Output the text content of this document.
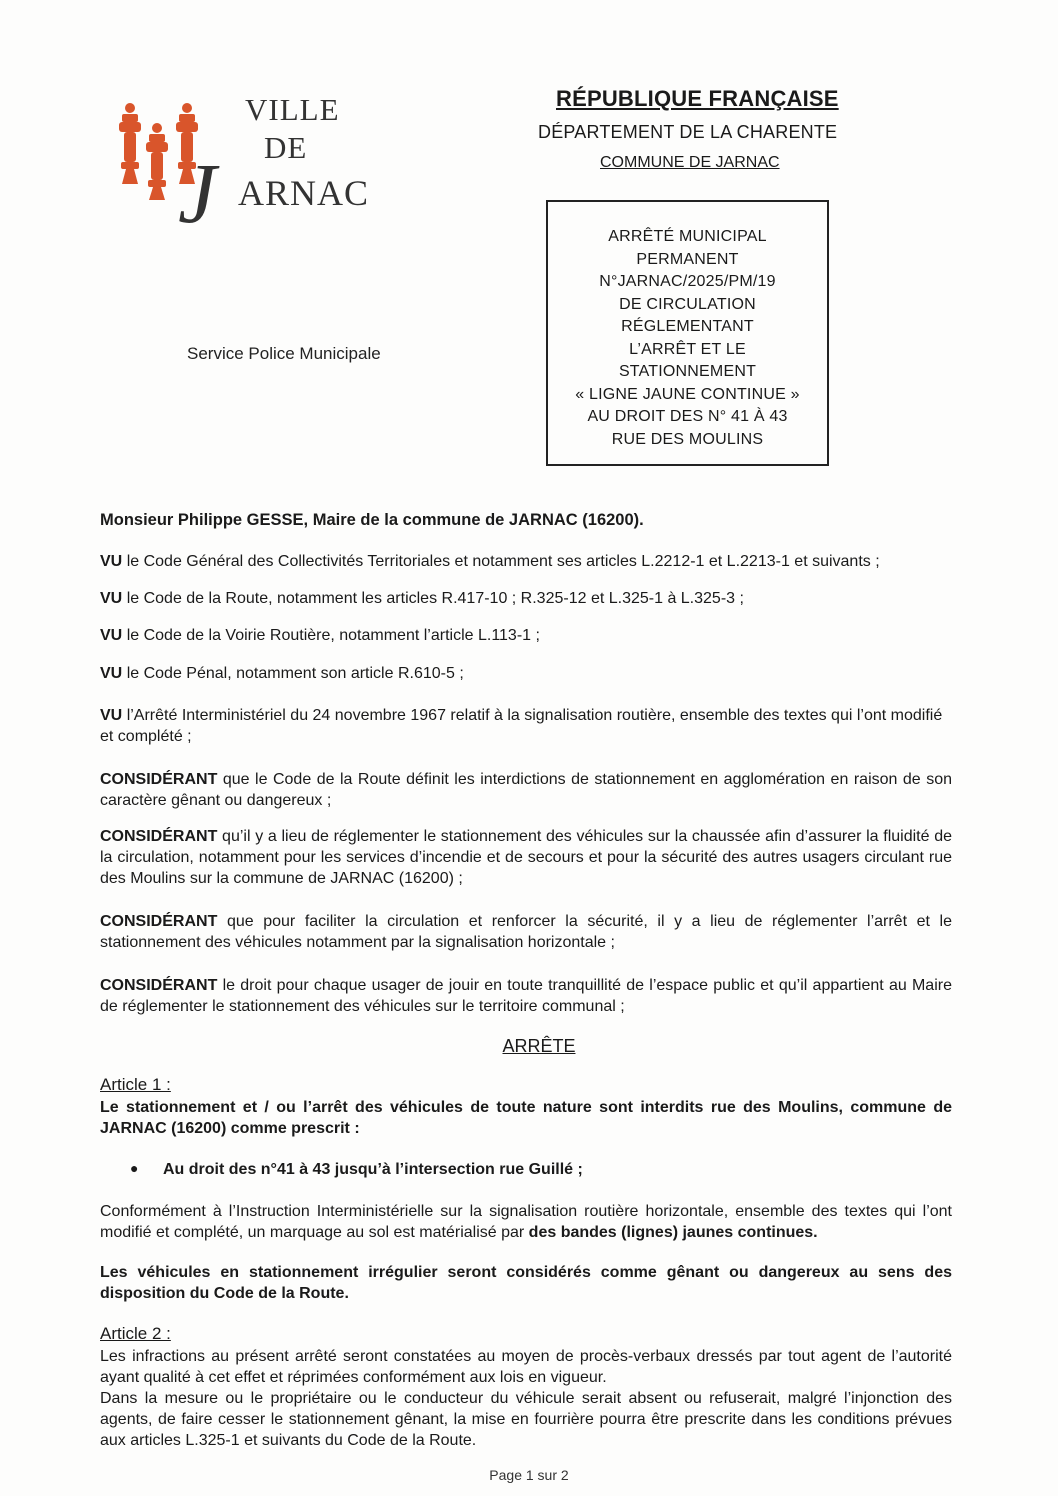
VILLE
DE
J ARNAC
Service Police Municipale
RÉPUBLIQUE FRANÇAISE
DÉPARTEMENT DE LA CHARENTE
COMMUNE DE JARNAC
ARRÊTÉ MUNICIPAL
PERMANENT
N°JARNAC/2025/PM/19
DE CIRCULATION
RÉGLEMENTANT
L’ARRÊT ET LE
STATIONNEMENT
« LIGNE JAUNE CONTINUE »
AU DROIT DES N° 41 À 43
RUE DES MOULINS
Monsieur Philippe GESSE, Maire de la commune de JARNAC (16200).
VU le Code Général des Collectivités Territoriales et notamment ses articles L.2212-1 et L.2213-1 et suivants ;
VU le Code de la Route, notamment les articles R.417-10 ; R.325-12 et L.325-1 à L.325-3 ;
VU le Code de la Voirie Routière, notamment l’article L.113-1 ;
VU le Code Pénal, notamment son article R.610-5 ;
VU l’Arrêté Interministériel du 24 novembre 1967 relatif à la signalisation routière, ensemble des textes qui l’ont modifié et complété ;
CONSIDÉRANT que le Code de la Route définit les interdictions de stationnement en agglomération en raison de son caractère gênant ou dangereux ;
CONSIDÉRANT qu’il y a lieu de réglementer le stationnement des véhicules sur la chaussée afin d’assurer la fluidité de la circulation, notamment pour les services d’incendie et de secours et pour la sécurité des autres usagers circulant rue des Moulins sur la commune de JARNAC (16200) ;
CONSIDÉRANT que pour faciliter la circulation et renforcer la sécurité, il y a lieu de réglementer l’arrêt et le stationnement des véhicules notamment par la signalisation horizontale ;
CONSIDÉRANT le droit pour chaque usager de jouir en toute tranquillité de l’espace public et qu’il appartient au Maire de réglementer le stationnement des véhicules sur le territoire communal ;
ARRÊTE
Article 1 :
Le stationnement et / ou l’arrêt des véhicules de toute nature sont interdits rue des Moulins, commune de JARNAC (16200) comme prescrit :
● Au droit des n°41 à 43 jusqu’à l’intersection rue Guillé ;
Conformément à l’Instruction Interministérielle sur la signalisation routière horizontale, ensemble des textes qui l’ont modifié et complété, un marquage au sol est matérialisé par des bandes (lignes) jaunes continues.
Les véhicules en stationnement irrégulier seront considérés comme gênant ou dangereux au sens des disposition du Code de la Route.
Article 2 :
Les infractions au présent arrêté seront constatées au moyen de procès-verbaux dressés par tout agent de l’autorité ayant qualité à cet effet et réprimées conformément aux lois en vigueur.
Dans la mesure ou le propriétaire ou le conducteur du véhicule serait absent ou refuserait, malgré l’injonction des agents, de faire cesser le stationnement gênant, la mise en fourrière pourra être prescrite dans les conditions prévues aux articles L.325-1 et suivants du Code de la Route.
Page 1 sur 2
